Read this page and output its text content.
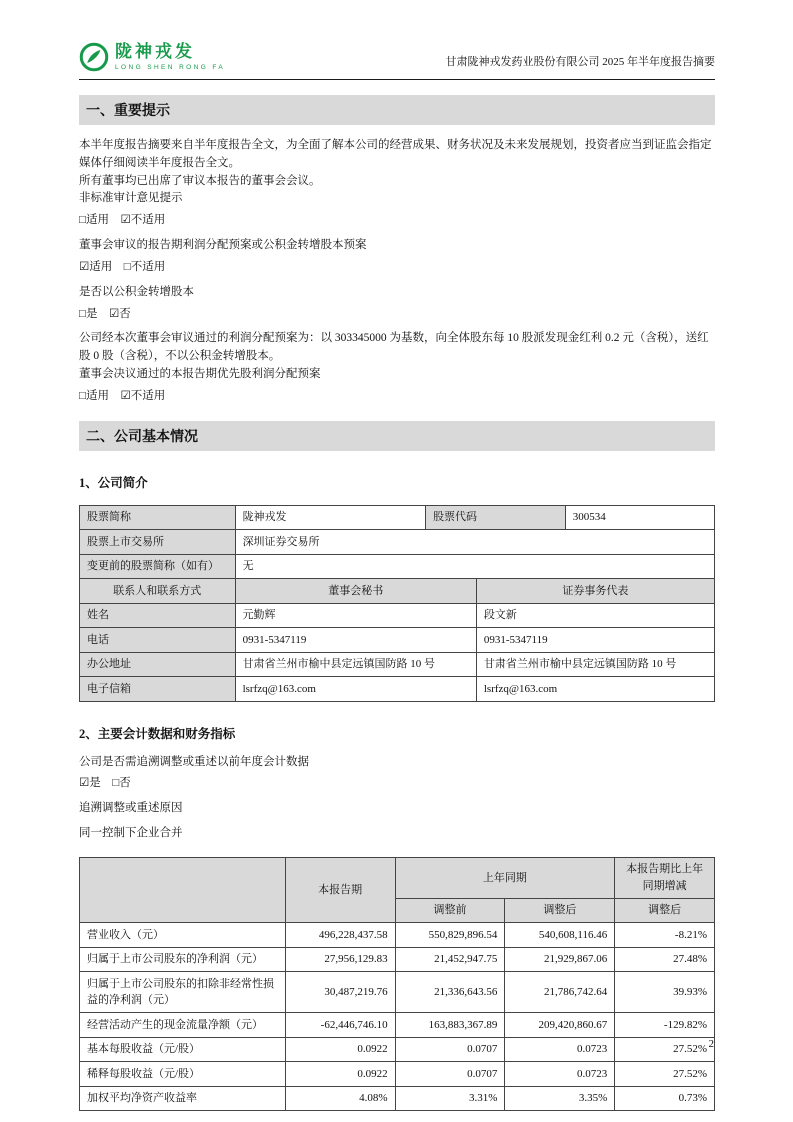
陇神戎发
LONG SHEN RONG FA	甘肃陇神戎发药业股份有限公司 2025 年半年度报告摘要
一、重要提示

本半年度报告摘要来自半年度报告全文，为全面了解本公司的经营成果、财务状况及未来发展规划，投资者应当到证监会指定媒体仔细阅读半年度报告全文。

所有董事均已出席了审议本报告的董事会会议。

非标准审计意见提示

□适用　☑不适用

董事会审议的报告期利润分配预案或公积金转增股本预案

☑适用　□不适用

是否以公积金转增股本

□是　☑否

公司经本次董事会审议通过的利润分配预案为：以 303345000 为基数，向全体股东每 10 股派发现金红利 0.2 元（含税），送红股 0 股（含税），不以公积金转增股本。

董事会决议通过的本报告期优先股利润分配预案

□适用　☑不适用

二、公司基本情况
1、公司简介
股票简称	陇神戎发	股票代码		300534
股票上市交易所	深圳证券交易所			
变更前的股票简称（如有）	无			
联系人和联系方式	董事会秘书		证券事务代表	
姓名	元勤辉		段文新	
电话	0931-5347119		0931-5347119	
办公地址	甘肃省兰州市榆中县定远镇国防路 10 号		甘肃省兰州市榆中县定远镇国防路 10 号	
电子信箱	lsrfzq@163.com		lsrfzq@163.com	
2、主要会计数据和财务指标

公司是否需追溯调整或重述以前年度会计数据

☑是　□否

追溯调整或重述原因

同一控制下企业合并

	本报告期	上年同期		本报告期比上年同期增减
		调整前	调整后	调整后
营业收入（元）	496,228,437.58	550,829,896.54	540,608,116.46	-8.21%
归属于上市公司股东的净利润（元）	27,956,129.83	21,452,947.75	21,929,867.06	27.48%
归属于上市公司股东的扣除非经常性损益的净利润（元）	30,487,219.76	21,336,643.56	21,786,742.64	39.93%
经营活动产生的现金流量净额（元）	-62,446,746.10	163,883,367.89	209,420,860.67	-129.82%
基本每股收益（元/股）	0.0922	0.0707	0.0723	27.52%
稀释每股收益（元/股）	0.0922	0.0707	0.0723	27.52%
加权平均净资产收益率	4.08%	3.31%	3.35%	0.73%
2
